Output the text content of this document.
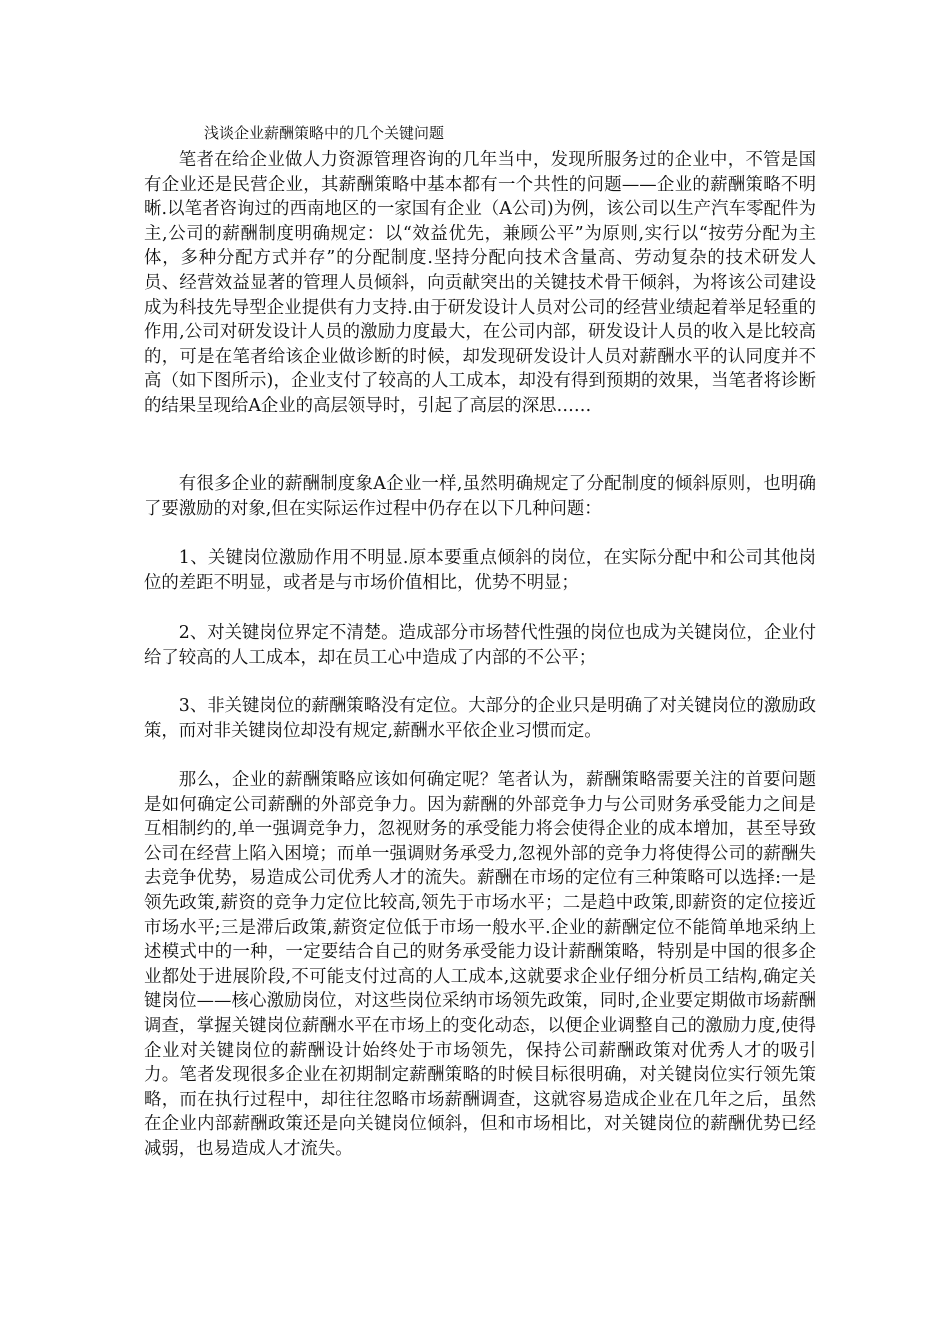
浅谈企业薪酬策略中的几个关键问题

笔者在给企业做人力资源管理咨询的几年当中，发现所服务过的企业中，不管是国有企业还是民营企业，其薪酬策略中基本都有一个共性的问题——企业的薪酬策略不明晰.以笔者咨询过的西南地区的一家国有企业（A公司)为例，该公司以生产汽车零配件为主,公司的薪酬制度明确规定：以“效益优先，兼顾公平”为原则,实行以“按劳分配为主体，多种分配方式并存”的分配制度.坚持分配向技术含量高、劳动复杂的技术研发人员、经营效益显著的管理人员倾斜，向贡献突出的关键技术骨干倾斜，为将该公司建设成为科技先导型企业提供有力支持.由于研发设计人员对公司的经营业绩起着举足轻重的作用,公司对研发设计人员的激励力度最大，在公司内部，研发设计人员的收入是比较高的，可是在笔者给该企业做诊断的时候，却发现研发设计人员对薪酬水平的认同度并不高（如下图所示)，企业支付了较高的人工成本，却没有得到预期的效果，当笔者将诊断的结果呈现给A企业的高层领导时，引起了高层的深思……

有很多企业的薪酬制度象A企业一样,虽然明确规定了分配制度的倾斜原则，也明确了要激励的对象,但在实际运作过程中仍存在以下几种问题：

1、关键岗位激励作用不明显.原本要重点倾斜的岗位，在实际分配中和公司其他岗位的差距不明显，或者是与市场价值相比，优势不明显；

2、对关键岗位界定不清楚。造成部分市场替代性强的岗位也成为关键岗位，企业付给了较高的人工成本，却在员工心中造成了内部的不公平；

3、非关键岗位的薪酬策略没有定位。大部分的企业只是明确了对关键岗位的激励政策，而对非关键岗位却没有规定,薪酬水平依企业习惯而定。

那么，企业的薪酬策略应该如何确定呢？笔者认为，薪酬策略需要关注的首要问题是如何确定公司薪酬的外部竞争力。因为薪酬的外部竞争力与公司财务承受能力之间是互相制约的,单一强调竞争力，忽视财务的承受能力将会使得企业的成本增加，甚至导致公司在经营上陷入困境；而单一强调财务承受力,忽视外部的竞争力将使得公司的薪酬失去竞争优势，易造成公司优秀人才的流失。薪酬在市场的定位有三种策略可以选择:一是领先政策,薪资的竞争力定位比较高,领先于市场水平；二是趋中政策,即薪资的定位接近市场水平;三是滞后政策,薪资定位低于市场一般水平.企业的薪酬定位不能简单地采纳上述模式中的一种，一定要结合自己的财务承受能力设计薪酬策略，特别是中国的很多企业都处于进展阶段,不可能支付过高的人工成本,这就要求企业仔细分析员工结构,确定关键岗位——核心激励岗位，对这些岗位采纳市场领先政策，同时,企业要定期做市场薪酬调查，掌握关键岗位薪酬水平在市场上的变化动态，以便企业调整自己的激励力度,使得企业对关键岗位的薪酬设计始终处于市场领先，保持公司薪酬政策对优秀人才的吸引力。笔者发现很多企业在初期制定薪酬策略的时候目标很明确，对关键岗位实行领先策略，而在执行过程中，却往往忽略市场薪酬调查，这就容易造成企业在几年之后，虽然在企业内部薪酬政策还是向关键岗位倾斜，但和市场相比，对关键岗位的薪酬优势已经减弱，也易造成人才流失。
